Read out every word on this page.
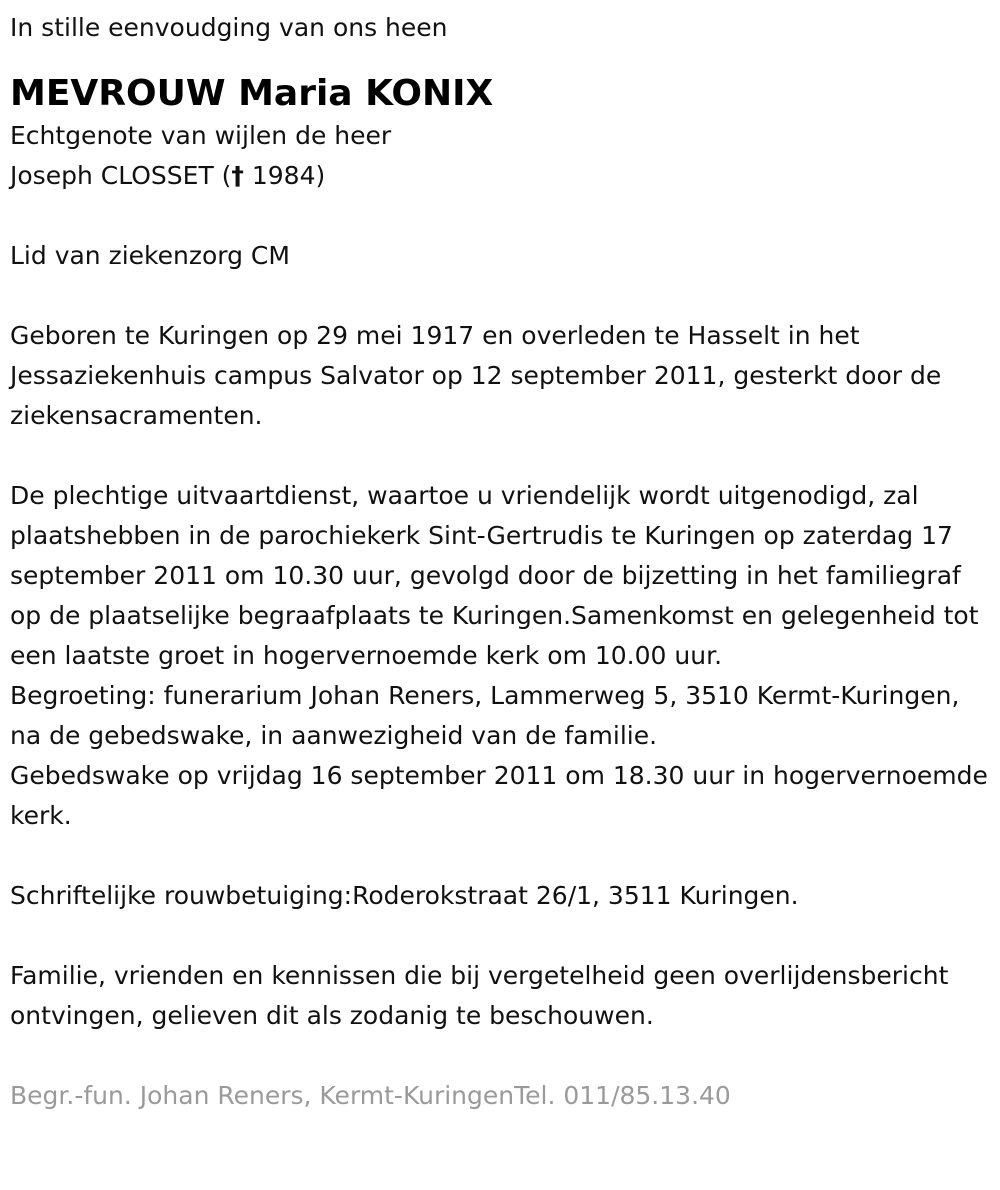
In stille eenvoudging van ons heen

MEVROUW Maria KONIX

Echtgenote van wijlen de heer

Joseph CLOSSET († 1984)

Lid van ziekenzorg CM

Geboren te Kuringen op 29 mei 1917 en overleden te Hasselt in het Jessaziekenhuis campus Salvator op 12 september 2011, gesterkt door de ziekensacramenten.

De plechtige uitvaartdienst, waartoe u vriendelijk wordt uitgenodigd, zal plaatshebben in de parochiekerk Sint-Gertrudis te Kuringen op zaterdag 17 september 2011 om 10.30 uur, gevolgd door de bijzetting in het familiegraf op de plaatselijke begraafplaats te Kuringen.Samenkomst en gelegenheid tot een laatste groet in hogervernoemde kerk om 10.00 uur.

Begroeting: funerarium Johan Reners, Lammerweg 5, 3510 Kermt-Kuringen, na de gebedswake, in aanwezigheid van de familie.

Gebedswake op vrijdag 16 september 2011 om 18.30 uur in hogervernoemde kerk.

Schriftelijke rouwbetuiging:Roderokstraat 26/1, 3511 Kuringen.

Familie, vrienden en kennissen die bij vergetelheid geen overlijdensbericht ontvingen, gelieven dit als zodanig te beschouwen.

Begr.-fun. Johan Reners, Kermt-KuringenTel. 011/85.13.40
